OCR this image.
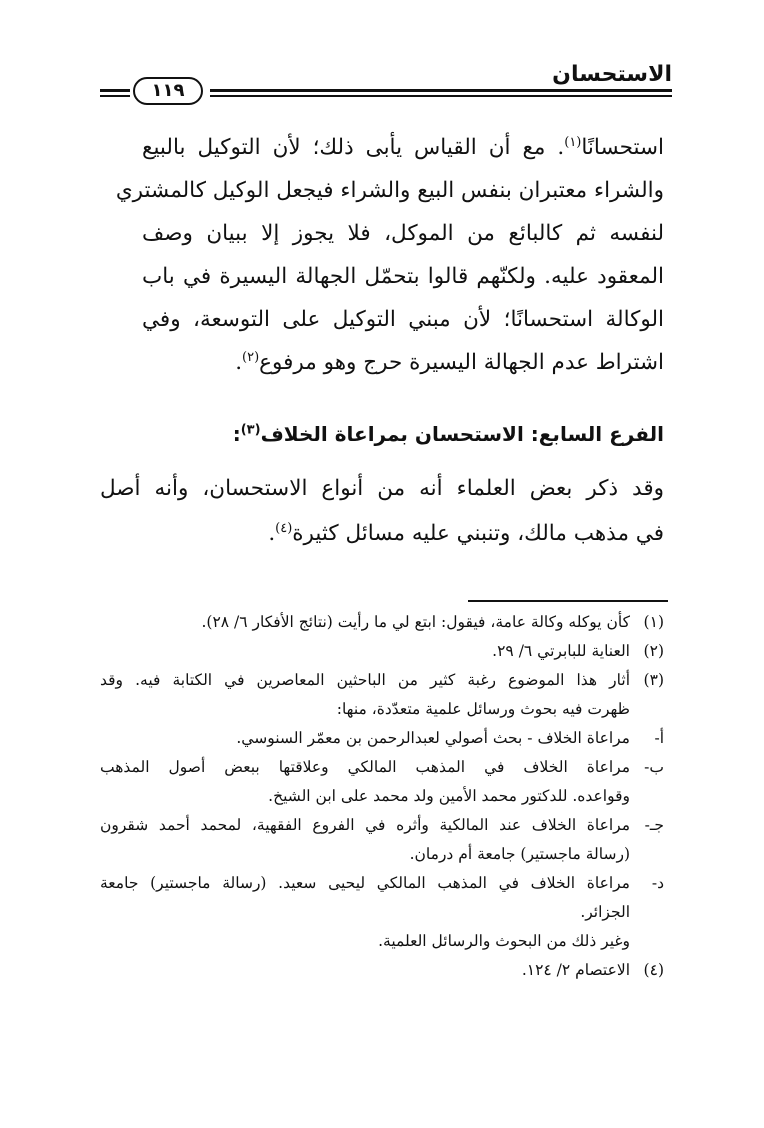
الاستحسان
١١٩
استحسانًا$^{(١)}$. مع أن القياس يأبى ذلك؛ لأن التوكيل بالبيع
والشراء معتبران بنفس البيع والشراء فيجعل الوكيل كالمشتري
لنفسه ثم كالبائع من الموكل، فلا يجوز إلا ببيان وصف
المعقود عليه. ولكنّهم قالوا بتحمّل الجهالة اليسيرة في باب
الوكالة استحسانًا؛ لأن مبني التوكيل على التوسعة، وفي
اشتراط عدم الجهالة اليسيرة حرج وهو مرفوع$^{(٢)}$.
الفرع السابع: الاستحسان بمراعاة الخلاف$^{(٣)}$:
وقد ذكر بعض العلماء أنه من أنواع الاستحسان، وأنه أصل
في مذهب مالك، وتنبني عليه مسائل كثيرة$^{(٤)}$.
(١)
كأن يوكله وكالة عامة، فيقول: ابتع لي ما رأيت (نتائج الأفكار ٦/ ٢٨).
(٢)
العناية للبابرتي ٦/ ٢٩.
(٣)
أثار هذا الموضوع رغبة كثير من الباحثين المعاصرين في الكتابة فيه. وقد
ظهرت فيه بحوث ورسائل علمية متعدّدة، منها:
أ-
مراعاة الخلاف - بحث أصولي لعبدالرحمن بن معمّر السنوسي.
ب-
مراعاة الخلاف في المذهب المالكي وعلاقتها ببعض أصول المذهب
وقواعده. للدكتور محمد الأمين ولد محمد على ابن الشيخ.
جـ-
مراعاة الخلاف عند المالكية وأثره في الفروع الفقهية، لمحمد أحمد شقرون
(رسالة ماجستير) جامعة أم درمان.
د-
مراعاة الخلاف في المذهب المالكي ليحيى سعيد. (رسالة ماجستير) جامعة
الجزائر.
وغير ذلك من البحوث والرسائل العلمية.
(٤)
الاعتصام ٢/ ١٢٤.
